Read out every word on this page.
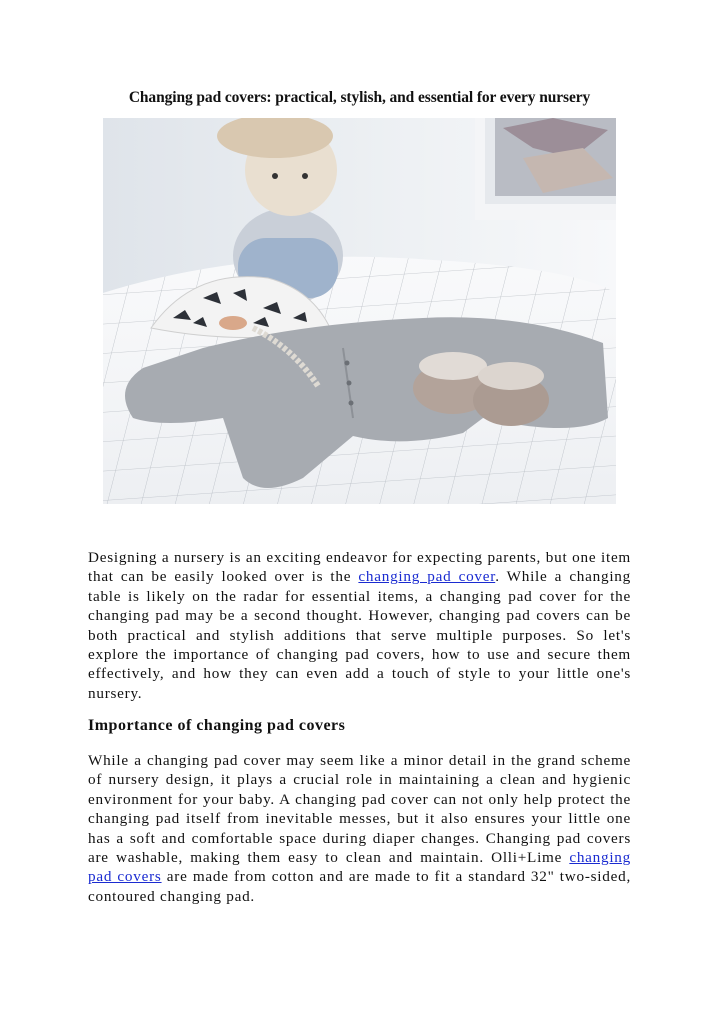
Changing pad covers: practical, stylish, and essential for every nursery

Designing a nursery is an exciting endeavor for expecting parents, but one item that can be easily looked over is the changing pad cover. While a changing table is likely on the radar for essential items, a changing pad cover for the changing pad may be a second thought. However, changing pad covers can be both practical and stylish additions that serve multiple purposes. So let's explore the importance of changing pad covers, how to use and secure them effectively, and how they can even add a touch of style to your little one's nursery.

Importance of changing pad covers

While a changing pad cover may seem like a minor detail in the grand scheme of nursery design, it plays a crucial role in maintaining a clean and hygienic environment for your baby. A changing pad cover can not only help protect the changing pad itself from inevitable messes, but it also ensures your little one has a soft and comfortable space during diaper changes. Changing pad covers are washable, making them easy to clean and maintain. Olli+Lime changing pad covers are made from cotton and are made to fit a standard 32" two-sided, contoured changing pad.
